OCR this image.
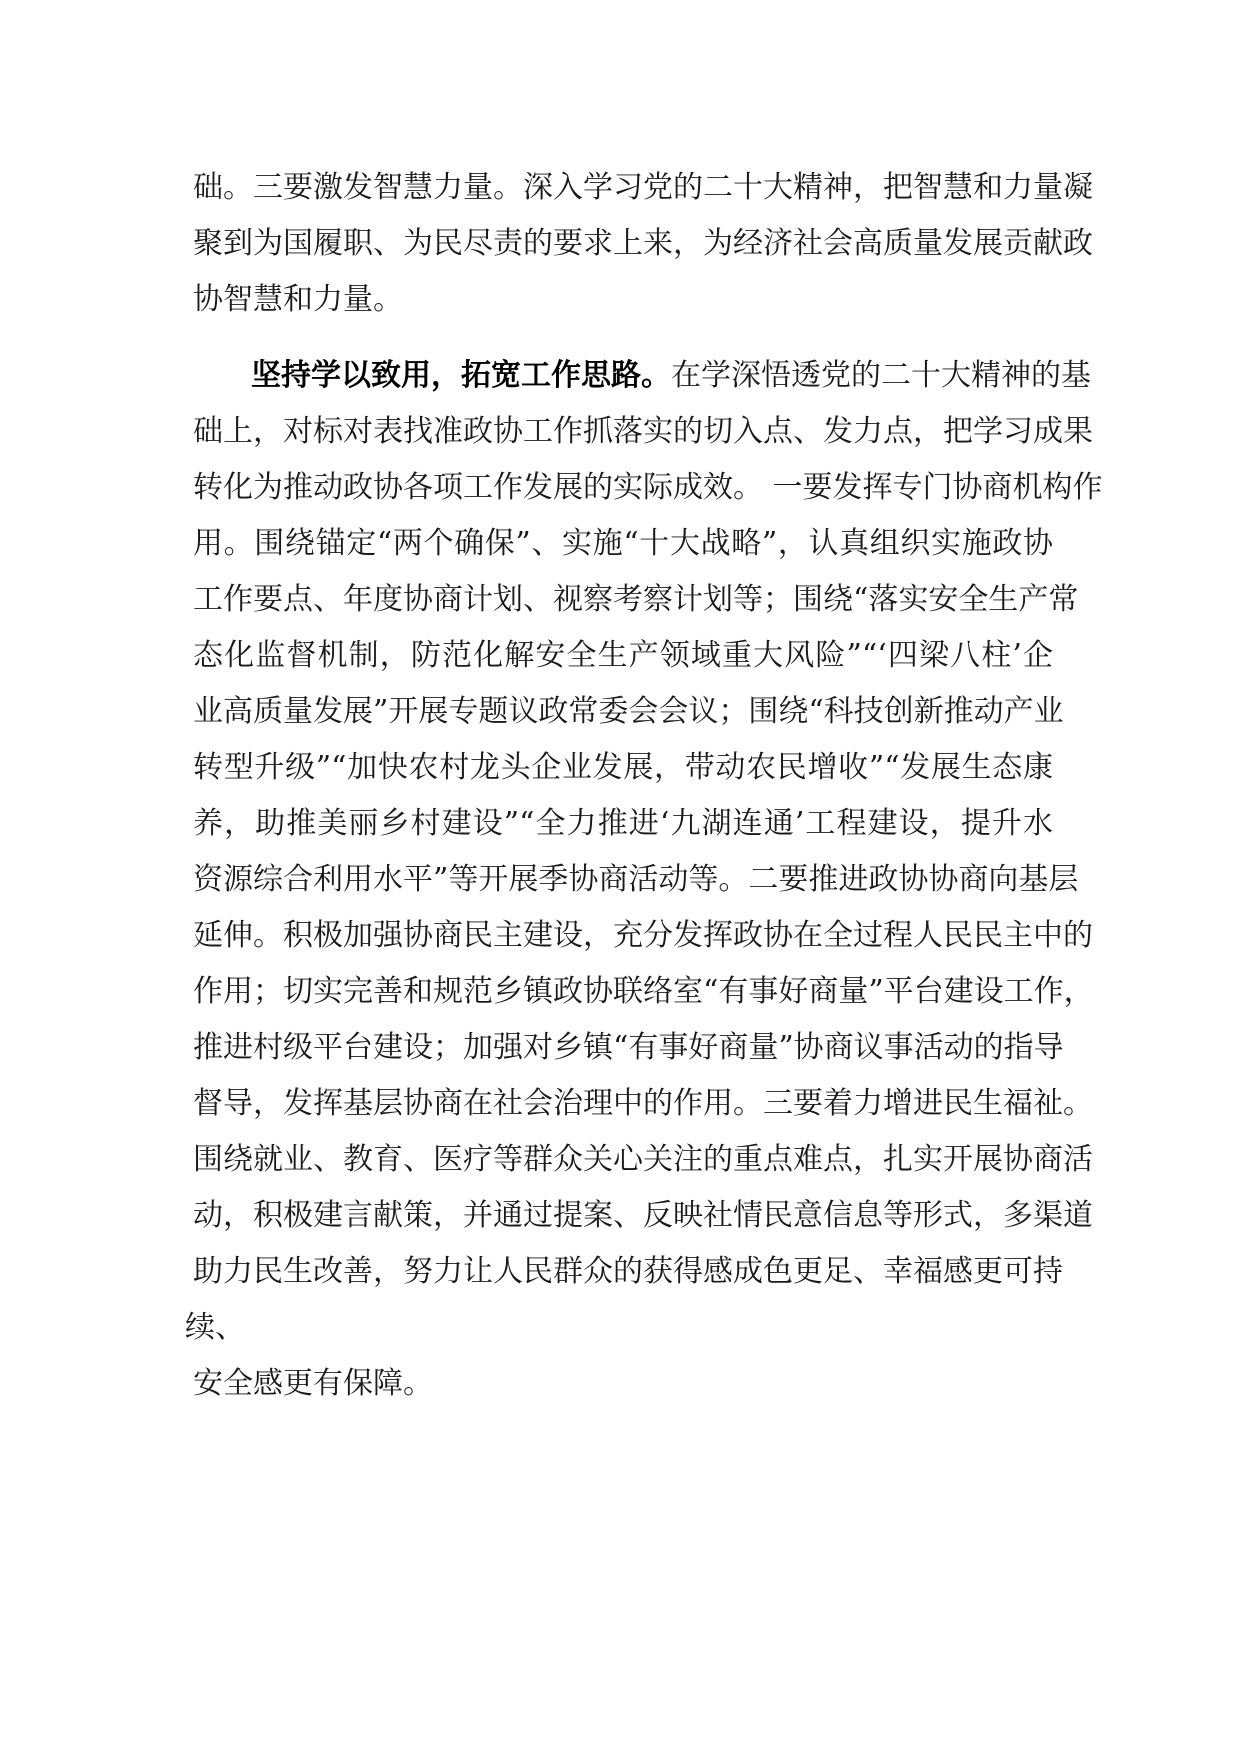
础。三要激发智慧力量。深入学习党的二十大精神，把智慧和力量凝
聚到为国履职、为民尽责的要求上来，为经济社会高质量发展贡献政
协智慧和力量。
坚持学以致用，拓宽工作思路。在学深悟透党的二十大精神的基
础上，对标对表找准政协工作抓落实的切入点、发力点，把学习成果
转化为推动政协各项工作发展的实际成效。 一要发挥专门协商机构作
用。围绕锚定“两个确保”、实施“十大战略”，认真组织实施政协
工作要点、年度协商计划、视察考察计划等；围绕“落实安全生产常
态化监督机制，防范化解安全生产领域重大风险”“‘四梁八柱’企
业高质量发展”开展专题议政常委会会议；围绕“科技创新推动产业
转型升级”“加快农村龙头企业发展，带动农民增收”“发展生态康
养，助推美丽乡村建设”“全力推进‘九湖连通’工程建设，提升水
资源综合利用水平”等开展季协商活动等。二要推进政协协商向基层
延伸。积极加强协商民主建设，充分发挥政协在全过程人民民主中的
作用；切实完善和规范乡镇政协联络室“有事好商量”平台建设工作，
推进村级平台建设；加强对乡镇“有事好商量”协商议事活动的指导
督导，发挥基层协商在社会治理中的作用。三要着力增进民生福祉。
围绕就业、教育、医疗等群众关心关注的重点难点，扎实开展协商活
动，积极建言献策，并通过提案、反映社情民意信息等形式，多渠道
助力民生改善，努力让人民群众的获得感成色更足、幸福感更可持
续、
安全感更有保障。
